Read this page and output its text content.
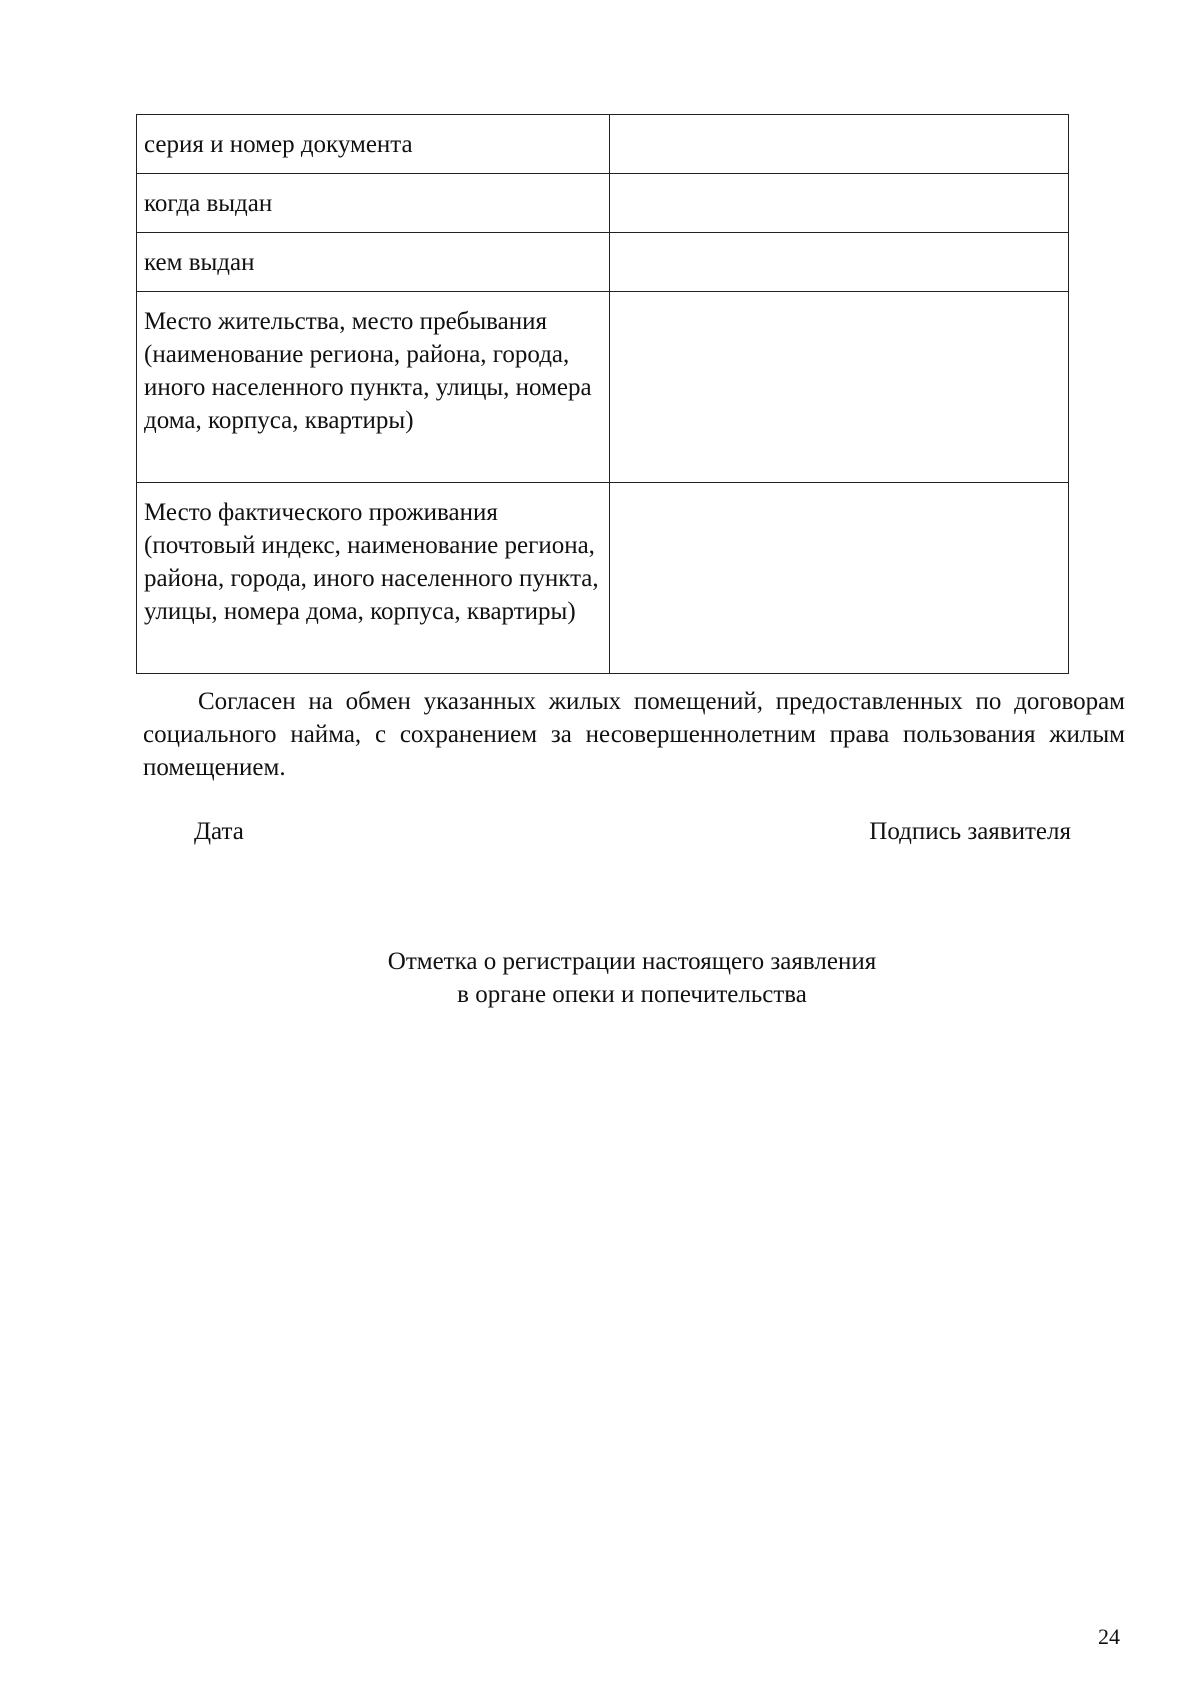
серия и номер документа	
когда выдан	
кем выдан	
Место жительства, место пребывания (наименование региона, района, города, иного населенного пункта, улицы, номера дома, корпуса, квартиры)	
Место фактического проживания (почтовый индекс, наименование региона, района, города, иного населенного пункта, улицы, номера дома, корпуса, квартиры)	

Согласен на обмен указанных жилых помещений, предоставленных по договорам социального найма, с сохранением за несовершеннолетним права пользования жилым помещением.

Дата	Подпись заявителя
Отметка о регистрации настоящего заявления
в органе опеки и попечительства
24
